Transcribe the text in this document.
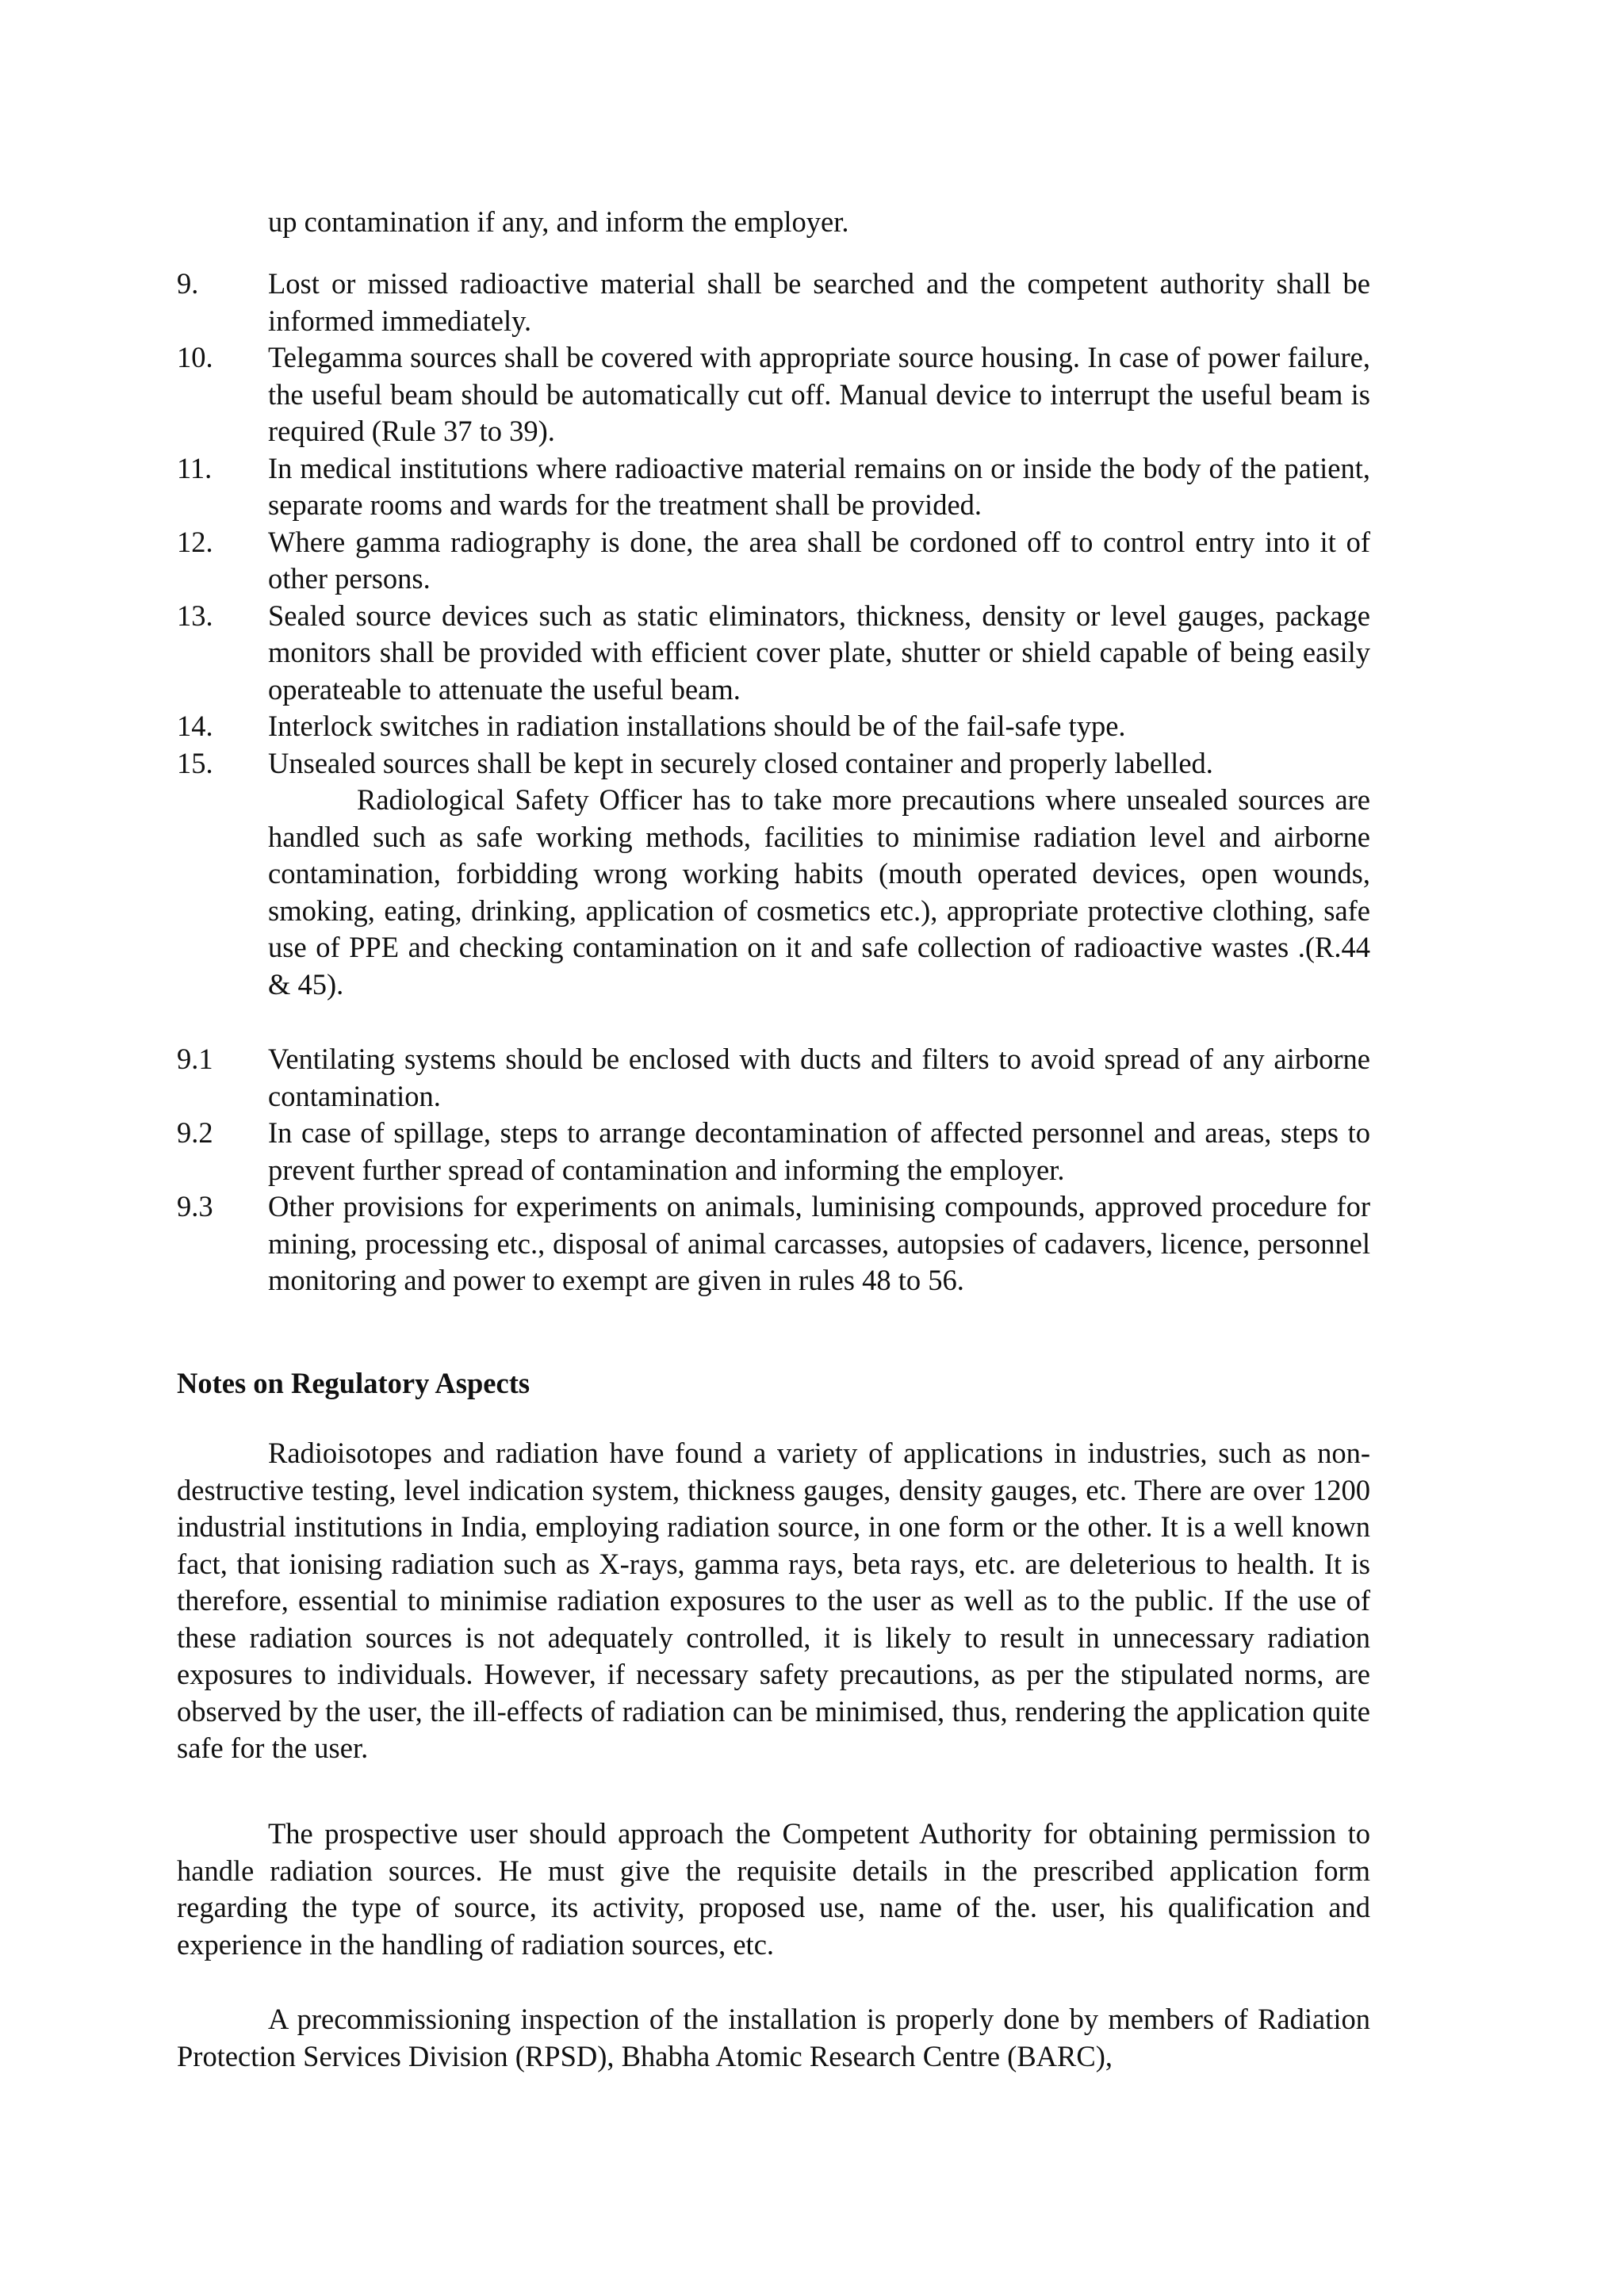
up contamination if any, and inform the employer.
9. Lost or missed radioactive material shall be searched and the competent authority shall be informed immediately.
10. Telegamma sources shall be covered with appropriate source housing. In case of power failure, the useful beam should be automatically cut off. Manual device to interrupt the useful beam is required (Rule 37 to 39).
11. In medical institutions where radioactive material remains on or inside the body of the patient, separate rooms and wards for the treatment shall be provided.
12. Where gamma radiography is done, the area shall be cordoned off to control entry into it of other persons.
13. Sealed source devices such as static eliminators, thickness, density or level gauges, package monitors shall be provided with efficient cover plate, shutter or shield capable of being easily operateable to attenuate the useful beam.
14. Interlock switches in radiation installations should be of the fail-safe type.
15. Unsealed sources shall be kept in securely closed container and properly labelled.

Radiological Safety Officer has to take more precautions where unsealed sources are handled such as safe working methods, facilities to minimise radiation level and airborne contamination, forbidding wrong working habits (mouth operated devices, open wounds, smoking, eating, drinking, application of cosmetics etc.), appropriate protective clothing, safe use of PPE and checking contamination on it and safe collection of radioactive wastes .(R.44 & 45).

9.1 Ventilating systems should be enclosed with ducts and filters to avoid spread of any airborne contamination.
9.2 In case of spillage, steps to arrange decontamination of affected personnel and areas, steps to prevent further spread of contamination and informing the employer.
9.3 Other provisions for experiments on animals, luminising compounds, approved procedure for mining, processing etc., disposal of animal carcasses, autopsies of cadavers, licence, personnel monitoring and power to exempt are given in rules 48 to 56.
Notes on Regulatory Aspects

Radioisotopes and radiation have found a variety of applications in industries, such as non-destructive testing, level indication system, thickness gauges, density gauges, etc. There are over 1200 industrial institutions in India, employing radiation source, in one form or the other. It is a well known fact, that ionising radiation such as X-rays, gamma rays, beta rays, etc. are deleterious to health. It is therefore, essential to minimise radiation exposures to the user as well as to the public. If the use of these radiation sources is not adequately controlled, it is likely to result in unnecessary radiation exposures to individuals. However, if necessary safety precautions, as per the stipulated norms, are observed by the user, the ill-effects of radiation can be minimised, thus, rendering the application quite safe for the user.

The prospective user should approach the Competent Authority for obtaining permission to handle radiation sources. He must give the requisite details in the prescribed application form regarding the type of source, its activity, proposed use, name of the. user, his qualification and experience in the handling of radiation sources, etc.

A precommissioning inspection of the installation is properly done by members of Radiation Protection Services Division (RPSD), Bhabha Atomic Research Centre (BARC),
